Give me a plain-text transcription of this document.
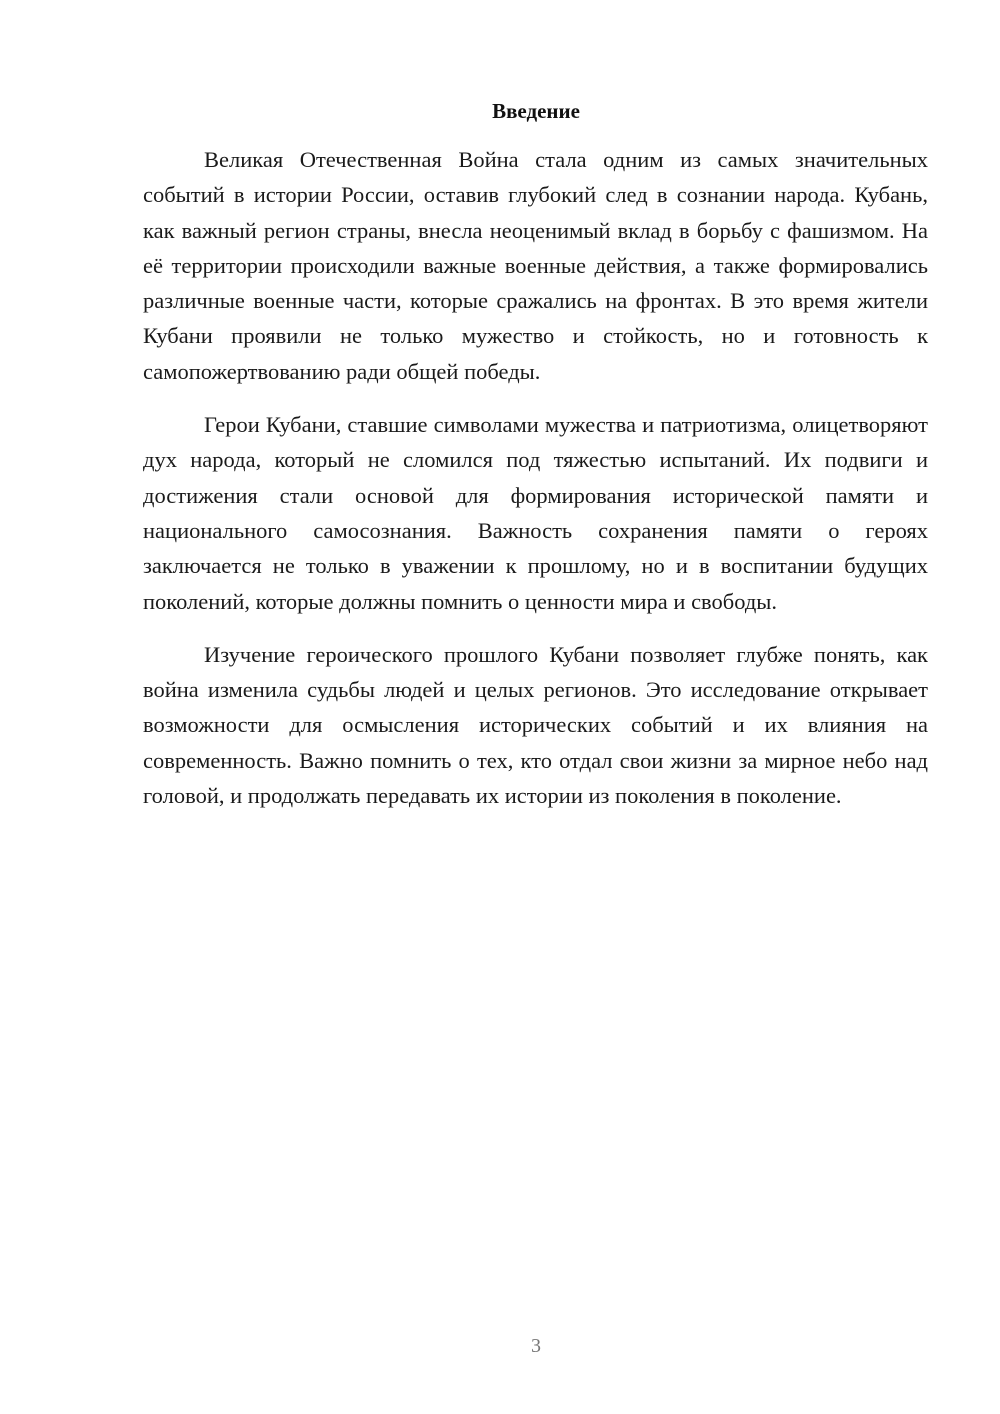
Введение

Великая Отечественная Война стала одним из самых значительных событий в истории России, оставив глубокий след в сознании народа. Кубань, как важный регион страны, внесла неоценимый вклад в борьбу с фашизмом. На её территории происходили важные военные действия, а также формировались различные военные части, которые сражались на фронтах. В это время жители Кубани проявили не только мужество и стойкость, но и готовность к самопожертвованию ради общей победы.

Герои Кубани, ставшие символами мужества и патриотизма, олицетворяют дух народа, который не сломился под тяжестью испытаний. Их подвиги и достижения стали основой для формирования исторической памяти и национального самосознания. Важность сохранения памяти о героях заключается не только в уважении к прошлому, но и в воспитании будущих поколений, которые должны помнить о ценности мира и свободы.

Изучение героического прошлого Кубани позволяет глубже понять, как война изменила судьбы людей и целых регионов. Это исследование открывает возможности для осмысления исторических событий и их влияния на современность. Важно помнить о тех, кто отдал свои жизни за мирное небо над головой, и продолжать передавать их истории из поколения в поколение.

3
